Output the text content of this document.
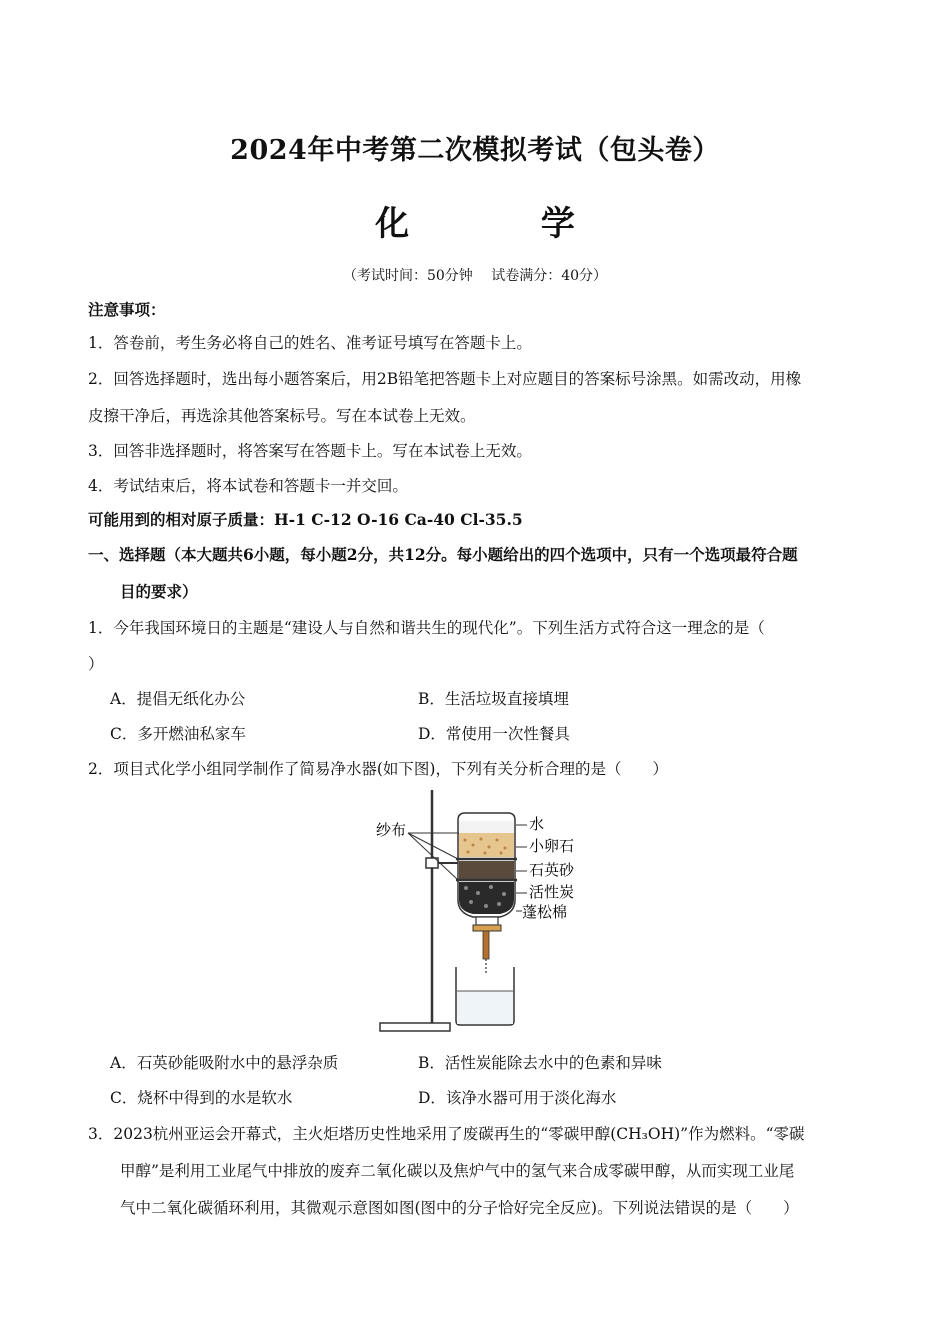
2024年中考第二次模拟考试（包头卷）
化 学
（考试时间：50分钟　 试卷满分：40分）
注意事项：
1．答卷前，考生务必将自己的姓名、准考证号填写在答题卡上。
2．回答选择题时，选出每小题答案后，用2B铅笔把答题卡上对应题目的答案标号涂黑。如需改动，用橡
皮擦干净后，再选涂其他答案标号。写在本试卷上无效。
3．回答非选择题时，将答案写在答题卡上。写在本试卷上无效。
4．考试结束后，将本试卷和答题卡一并交回。
可能用到的相对原子质量：H-1 C-12 O-16 Ca-40 Cl-35.5
一、选择题（本大题共6小题，每小题2分，共12分。每小题给出的四个选项中，只有一个选项最符合题
目的要求）
1．今年我国环境日的主题是“建设人与自然和谐共生的现代化”。下列生活方式符合这一理念的是（
）
A．提倡无纸化办公	B．生活垃圾直接填埋
C．多开燃油私家车	D．常使用一次性餐具
2．项目式化学小组同学制作了简易净水器(如下图)，下列有关分析合理的是（　　）
纱布	水
小卵石
石英砂
活性炭
蓬松棉
A．石英砂能吸附水中的悬浮杂质	B．活性炭能除去水中的色素和异味
C．烧杯中得到的水是软水	D．该净水器可用于淡化海水
3．2023杭州亚运会开幕式，主火炬塔历史性地采用了废碳再生的“零碳甲醇(CH₃OH)”作为燃料。“零碳
甲醇”是利用工业尾气中排放的废弃二氧化碳以及焦炉气中的氢气来合成零碳甲醇，从而实现工业尾
气中二氧化碳循环利用，其微观示意图如图(图中的分子恰好完全反应)。下列说法错误的是（　　）
